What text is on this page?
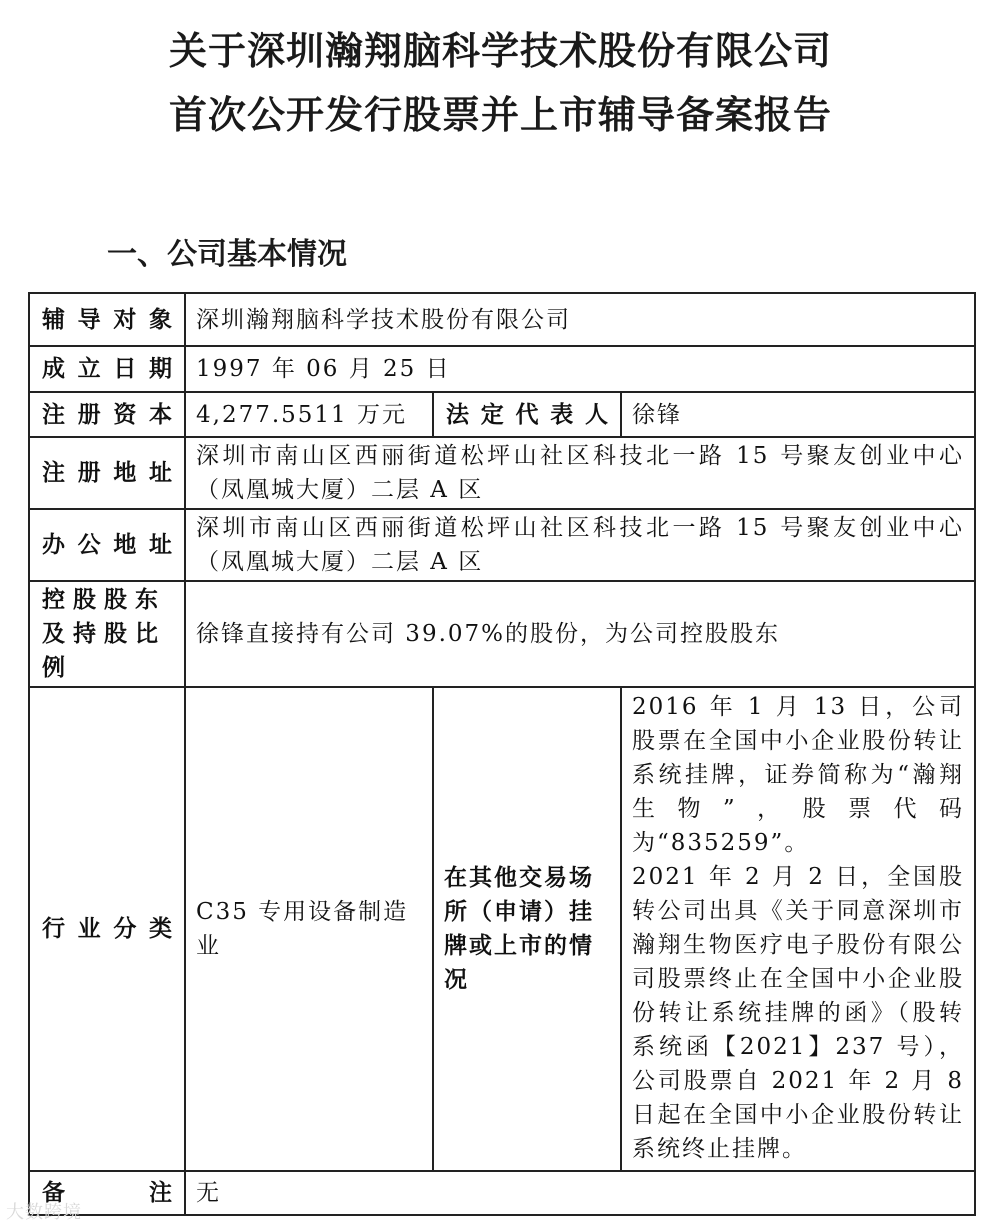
关于深圳瀚翔脑科学技术股份有限公司
首次公开发行股票并上市辅导备案报告
一、公司基本情况
辅导对象	深圳瀚翔脑科学技术股份有限公司		
成立日期	1997 年 06 月 25 日		
注册资本	4,277.5511 万元	法定代表人	徐锋
注册地址	深圳市南山区西丽街道松坪山社区科技北一路 15 号聚友创业中心（凤凰城大厦）二层 A 区		
办公地址	深圳市南山区西丽街道松坪山社区科技北一路 15 号聚友创业中心（凤凰城大厦）二层 A 区		
控股股东及持股比例	徐锋直接持有公司 39.07%的股份，为公司控股股东		
行业分类	C35 专用设备制造业	在其他交易场所（申请）挂牌或上市的情况	2016 年 1 月 13 日，公司股票在全国中小企业股份转让系统挂牌，证券简称为“瀚翔生物”，股票代码为“835259”。
2021 年 2 月 2 日，全国股转公司出具《关于同意深圳市瀚翔生物医疗电子股份有限公司股票终止在全国中小企业股份转让系统挂牌的函》（股转系统函【2021】237 号），公司股票自 2021 年 2 月 8 日起在全国中小企业股份转让系统终止挂牌。

备注	无		
大数跨境
